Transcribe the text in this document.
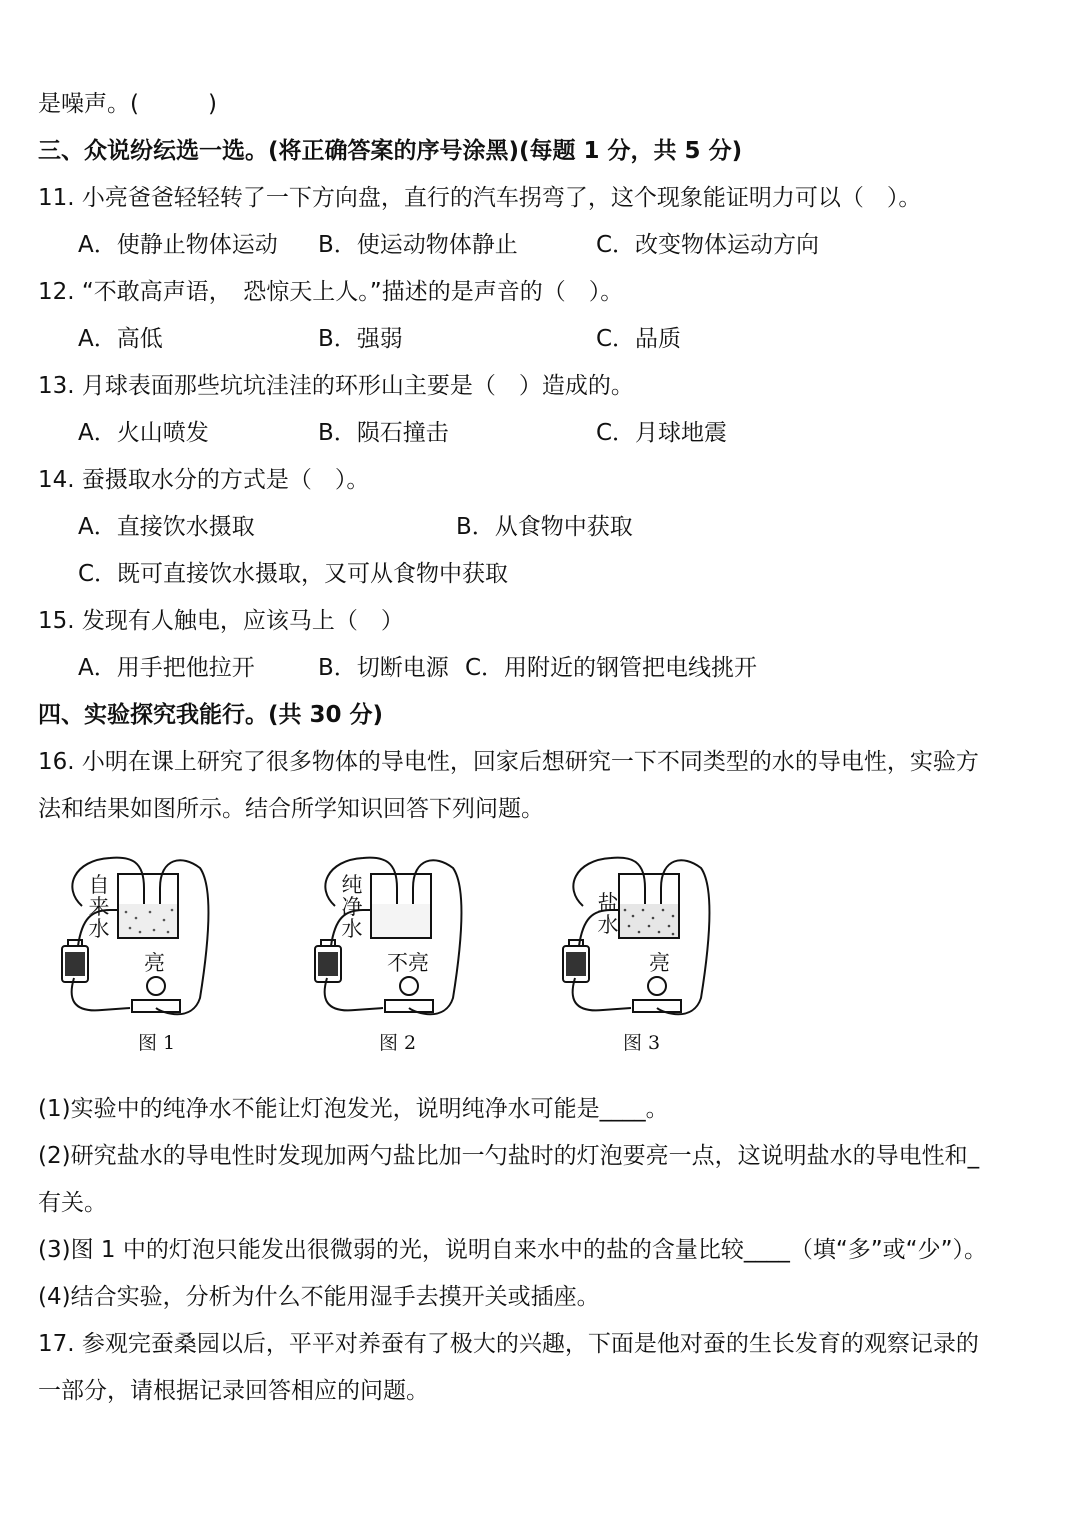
是噪声。(　　　)
三、众说纷纭选一选。(将正确答案的序号涂黑)(每题 1 分，共 5 分)
11. 小亮爸爸轻轻转了一下方向盘，直行的汽车拐弯了，这个现象能证明力可以（　）。
A．使静止物体运动 B．使运动物体静止	C．改变物体运动方向
12. “不敢高声语，　恐惊天上人。”描述的是声音的（　）。
A．高低	B．强弱	C．品质
13. 月球表面那些坑坑洼洼的环形山主要是（　）造成的。
A．火山喷发	B．陨石撞击	C．月球地震
14. 蚕摄取水分的方式是（　）。
A．直接饮水摄取	B．从食物中获取
C．既可直接饮水摄取，又可从食物中获取
15. 发现有人触电，应该马上（　）
A．用手把他拉开	B．切断电源 C．用附近的钢管把电线挑开
四、实验探究我能行。(共 30 分)
16. 小明在课上研究了很多物体的导电性，回家后想研究一下不同类型的水的导电性，实验方
法和结果如图所示。结合所学知识回答下列问题。
自来水
亮
图 1
纯净水
不亮
图 2
盐水
亮
图 3
(1)实验中的纯净水不能让灯泡发光，说明纯净水可能是____。
(2)研究盐水的导电性时发现加两勺盐比加一勺盐时的灯泡要亮一点，这说明盐水的导电性和_
有关。
(3)图 1 中的灯泡只能发出很微弱的光，说明自来水中的盐的含量比较____（填“多”或“少”）。
(4)结合实验，分析为什么不能用湿手去摸开关或插座。
17. 参观完蚕桑园以后，平平对养蚕有了极大的兴趣，下面是他对蚕的生长发育的观察记录的
一部分，请根据记录回答相应的问题。
